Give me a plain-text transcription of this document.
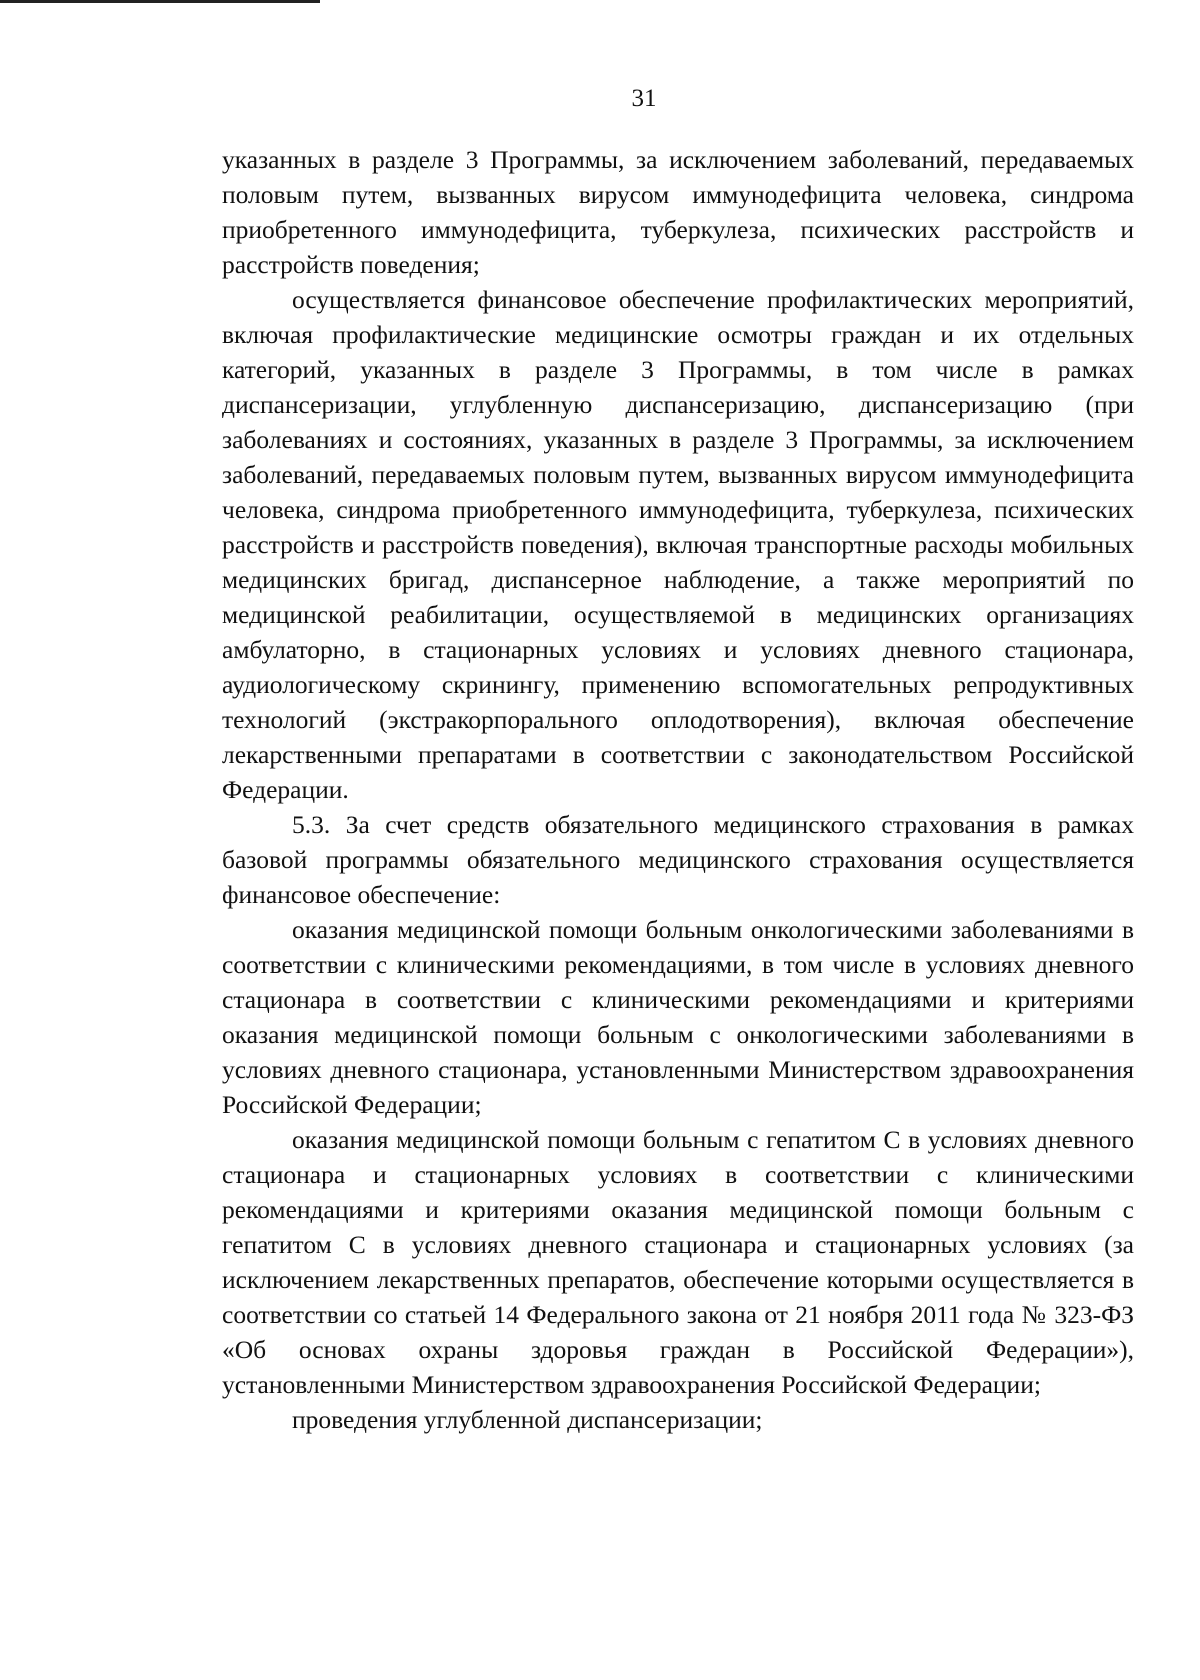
31

указанных в разделе 3 Программы, за исключением заболеваний, передаваемых половым путем, вызванных вирусом иммунодефицита человека, синдрома приобретенного иммунодефицита, туберкулеза, психических расстройств и расстройств поведения;

осуществляется финансовое обеспечение профилактических мероприятий, включая профилактические медицинские осмотры граждан и их отдельных категорий, указанных в разделе 3 Программы, в том числе в рамках диспансеризации, углубленную диспансеризацию, диспансеризацию (при заболеваниях и состояниях, указанных в разделе 3 Программы, за исключением заболеваний, передаваемых половым путем, вызванных вирусом иммунодефицита человека, синдрома приобретенного иммунодефицита, туберкулеза, психических расстройств и расстройств поведения), включая транспортные расходы мобильных медицинских бригад, диспансерное наблюдение, а также мероприятий по медицинской реабилитации, осуществляемой в медицинских организациях амбулаторно, в стационарных условиях и условиях дневного стационара, аудиологическому скринингу, применению вспомогательных репродуктивных технологий (экстракорпорального оплодотворения), включая обеспечение лекарственными препаратами в соответствии с законодательством Российской Федерации.

5.3. За счет средств обязательного медицинского страхования в рамках базовой программы обязательного медицинского страхования осуществляется финансовое обеспечение:

оказания медицинской помощи больным онкологическими заболеваниями в соответствии с клиническими рекомендациями, в том числе в условиях дневного стационара в соответствии с клиническими рекомендациями и критериями оказания медицинской помощи больным с онкологическими заболеваниями в условиях дневного стационара, установленными Министерством здравоохранения Российской Федерации;

оказания медицинской помощи больным с гепатитом С в условиях дневного стационара и стационарных условиях в соответствии с клиническими рекомендациями и критериями оказания медицинской помощи больным с гепатитом С в условиях дневного стационара и стационарных условиях (за исключением лекарственных препаратов, обеспечение которыми осуществляется в соответствии со статьей 14 Федерального закона от 21 ноября 2011 года № 323-ФЗ «Об основах охраны здоровья граждан в Российской Федерации»), установленными Министерством здравоохранения Российской Федерации;

проведения углубленной диспансеризации;
